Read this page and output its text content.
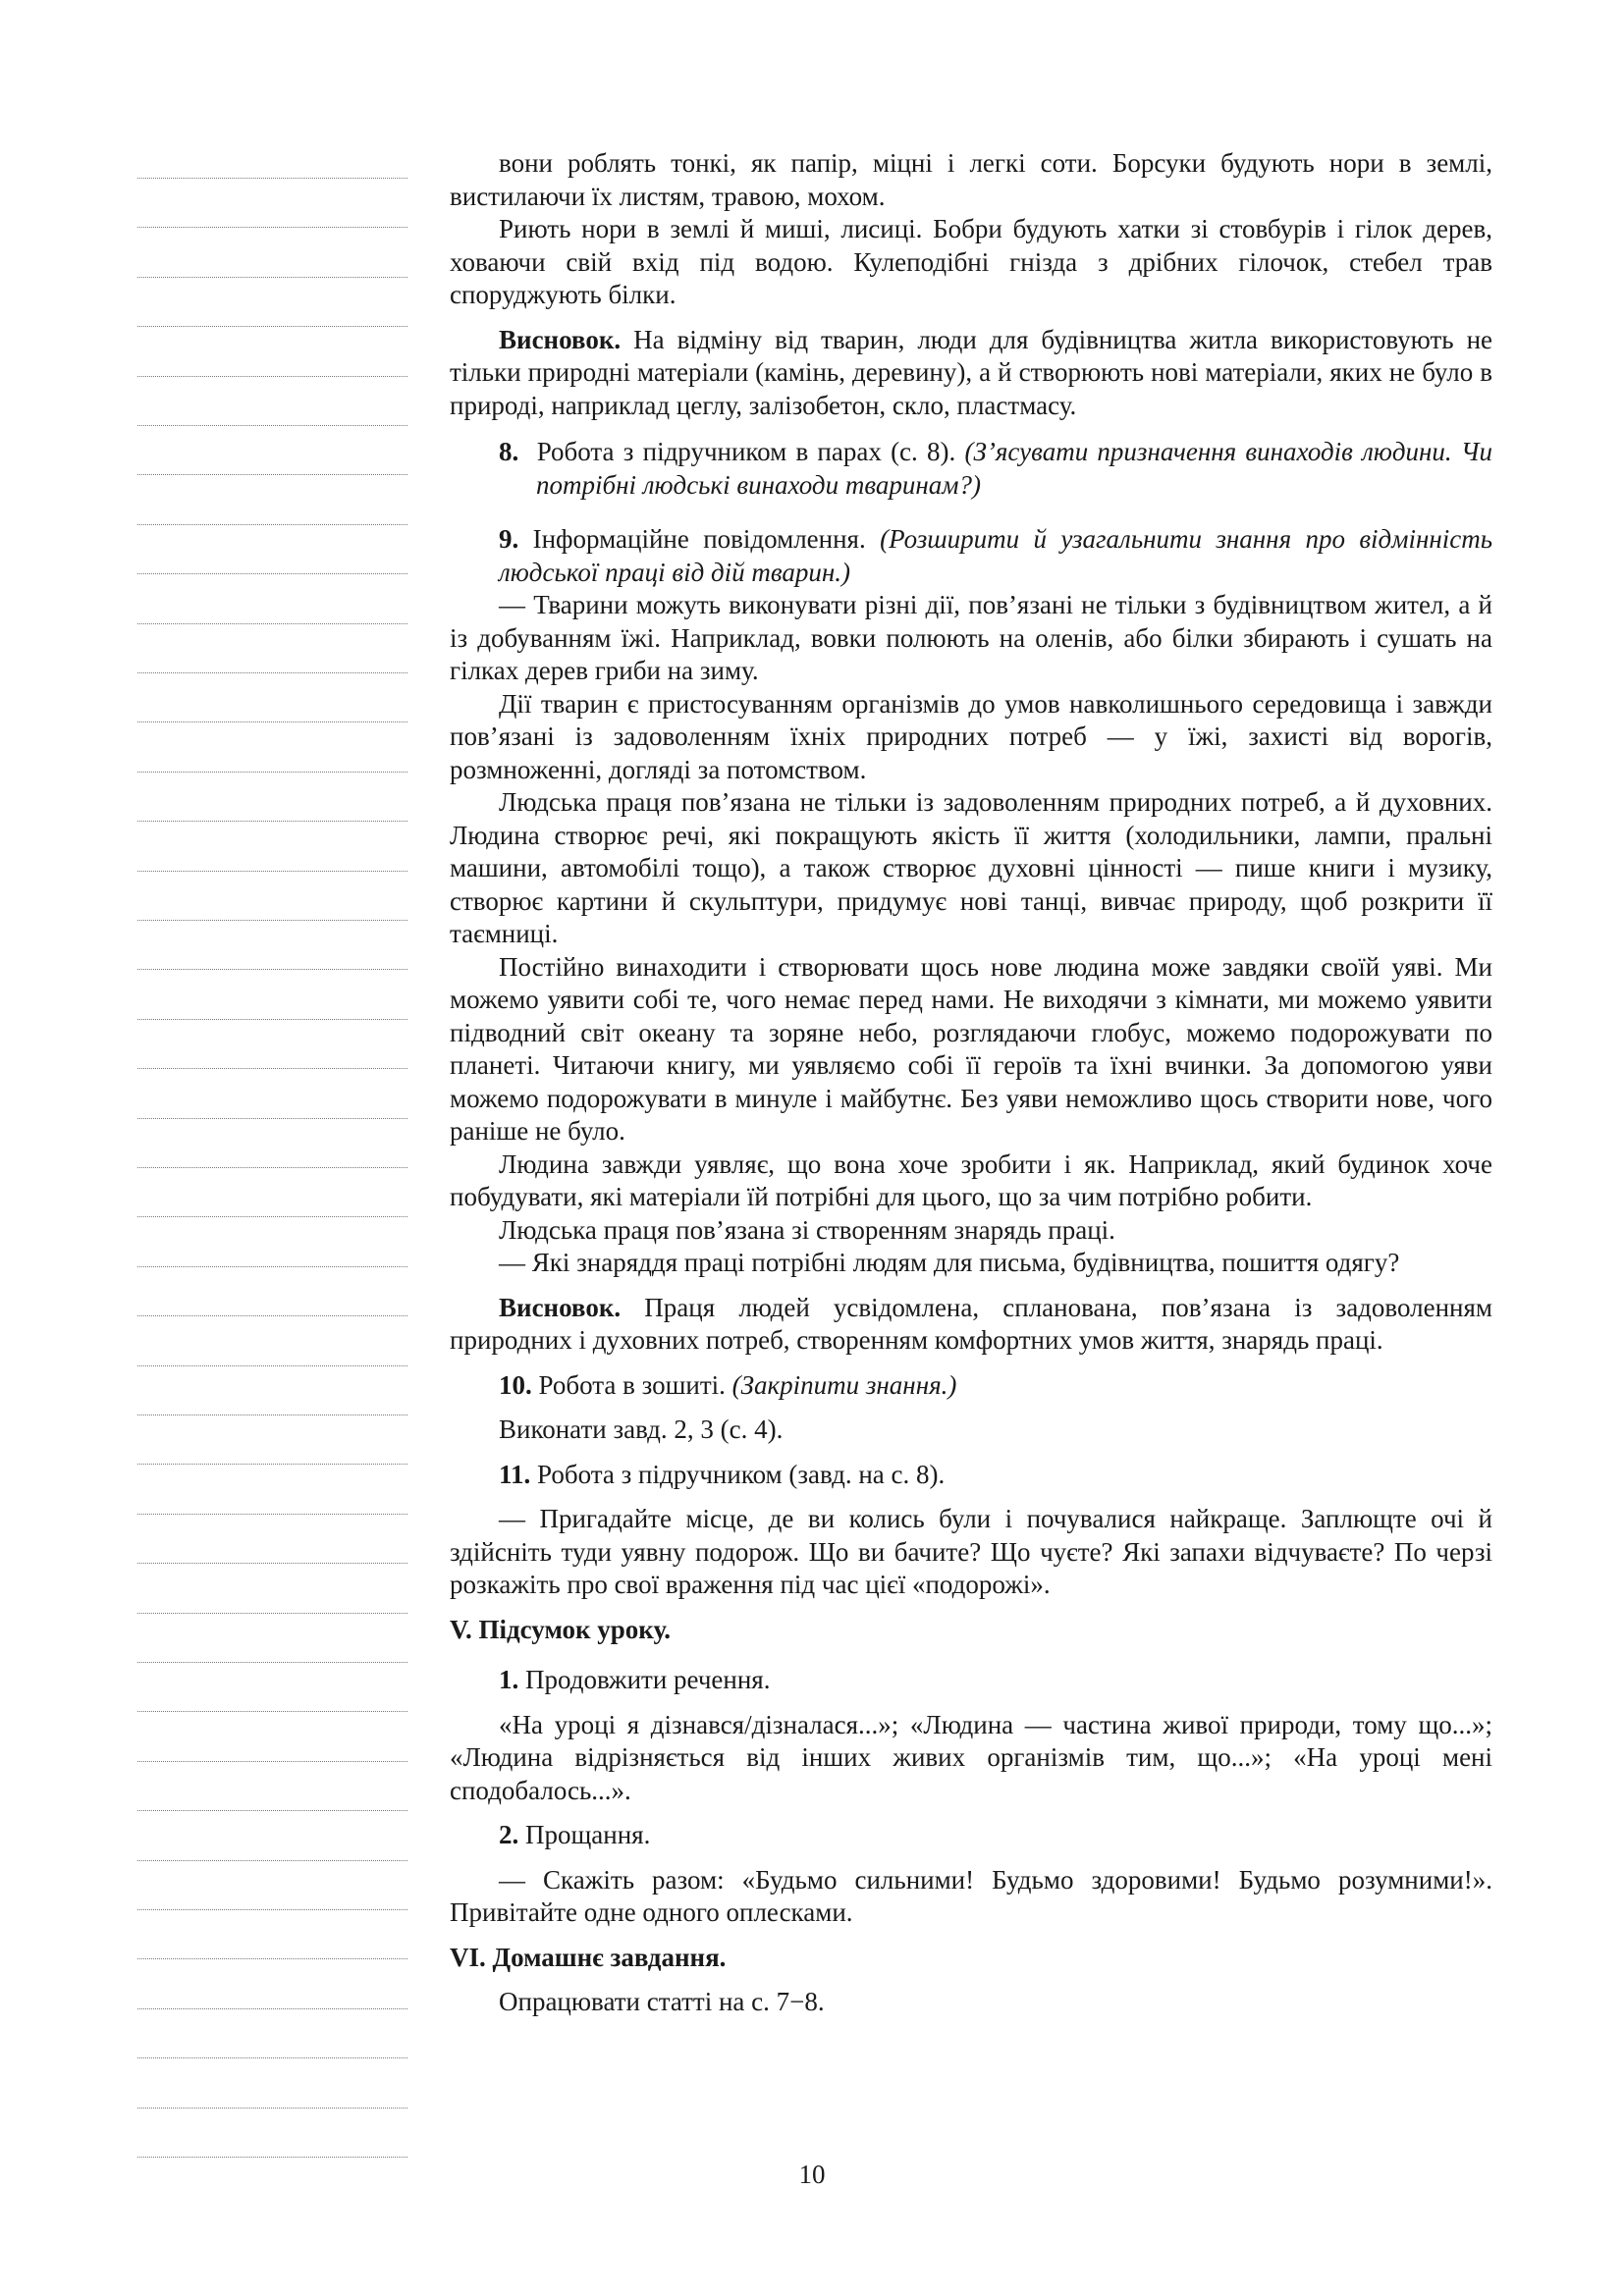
вони роблять тонкі, як папір, міцні і легкі соти. Борсуки будують нори в землі, вистилаючи їх листям, травою, мохом.

Риють нори в землі й миші, лисиці. Бобри будують хатки зі стовбурів і гілок дерев, ховаючи свій вхід під водою. Кулеподібні гнізда з дрібних гілочок, стебел трав споруджують білки.

Висновок. На відміну від тварин, люди для будівництва житла використовують не тільки природні матеріали (камінь, деревину), а й створюють нові матеріали, яких не було в природі, наприклад цеглу, залізобетон, скло, пластмасу.

8. Робота з підручником в парах (с. 8). (З’ясувати призначення винаходів людини. Чи потрібні людські винаходи тваринам?)

9. Інформаційне повідомлення. (Розширити й узагальнити знання про відмінність людської праці від дій тварин.)

— Тварини можуть виконувати різні дії, пов’язані не тільки з будівництвом жител, а й із добуванням їжі. Наприклад, вовки полюють на оленів, або білки збирають і сушать на гілках дерев гриби на зиму.

Дії тварин є пристосуванням організмів до умов навколишнього середовища і завжди пов’язані із задоволенням їхніх природних потреб — у їжі, захисті від ворогів, розмноженні, догляді за потомством.

Людська праця пов’язана не тільки із задоволенням природних потреб, а й духовних. Людина створює речі, які покращують якість її життя (холодильники, лампи, пральні машини, автомобілі тощо), а також створює духовні цінності — пише книги і музику, створює картини й скульптури, придумує нові танці, вивчає природу, щоб розкрити її таємниці.

Постійно винаходити і створювати щось нове людина може завдяки своїй уяві. Ми можемо уявити собі те, чого немає перед нами. Не виходячи з кімнати, ми можемо уявити підводний світ океану та зоряне небо, розглядаючи глобус, можемо подорожувати по планеті. Читаючи книгу, ми уявляємо собі її героїв та їхні вчинки. За допомогою уяви можемо подорожувати в минуле і майбутнє. Без уяви неможливо щось створити нове, чого раніше не було.

Людина завжди уявляє, що вона хоче зробити і як. Наприклад, який будинок хоче побудувати, які матеріали їй потрібні для цього, що за чим потрібно робити.

Людська праця пов’язана зі створенням знарядь праці.

— Які знаряддя праці потрібні людям для письма, будівництва, пошиття одягу?

Висновок. Праця людей усвідомлена, спланована, пов’язана із задоволенням природних і духовних потреб, створенням комфортних умов життя, знарядь праці.

10. Робота в зошиті. (Закріпити знання.)

Виконати завд. 2, 3 (с. 4).

11. Робота з підручником (завд. на с. 8).

— Пригадайте місце, де ви колись були і почувалися найкраще. Заплющте очі й здійсніть туди уявну подорож. Що ви бачите? Що чуєте? Які запахи відчуваєте? По черзі розкажіть про свої враження під час цієї «подорожі».

V. Підсумок уроку.

1. Продовжити речення.

«На уроці я дізнався/дізналася...»; «Людина — частина живої природи, тому що...»; «Людина відрізняється від інших живих організмів тим, що...»; «На уроці мені сподобалось...».

2. Прощання.

— Скажіть разом: «Будьмо сильними! Будьмо здоровими! Будьмо розумними!». Привітайте одне одного оплесками.

VI. Домашнє завдання.

Опрацювати статті на с. 7−8.

10
